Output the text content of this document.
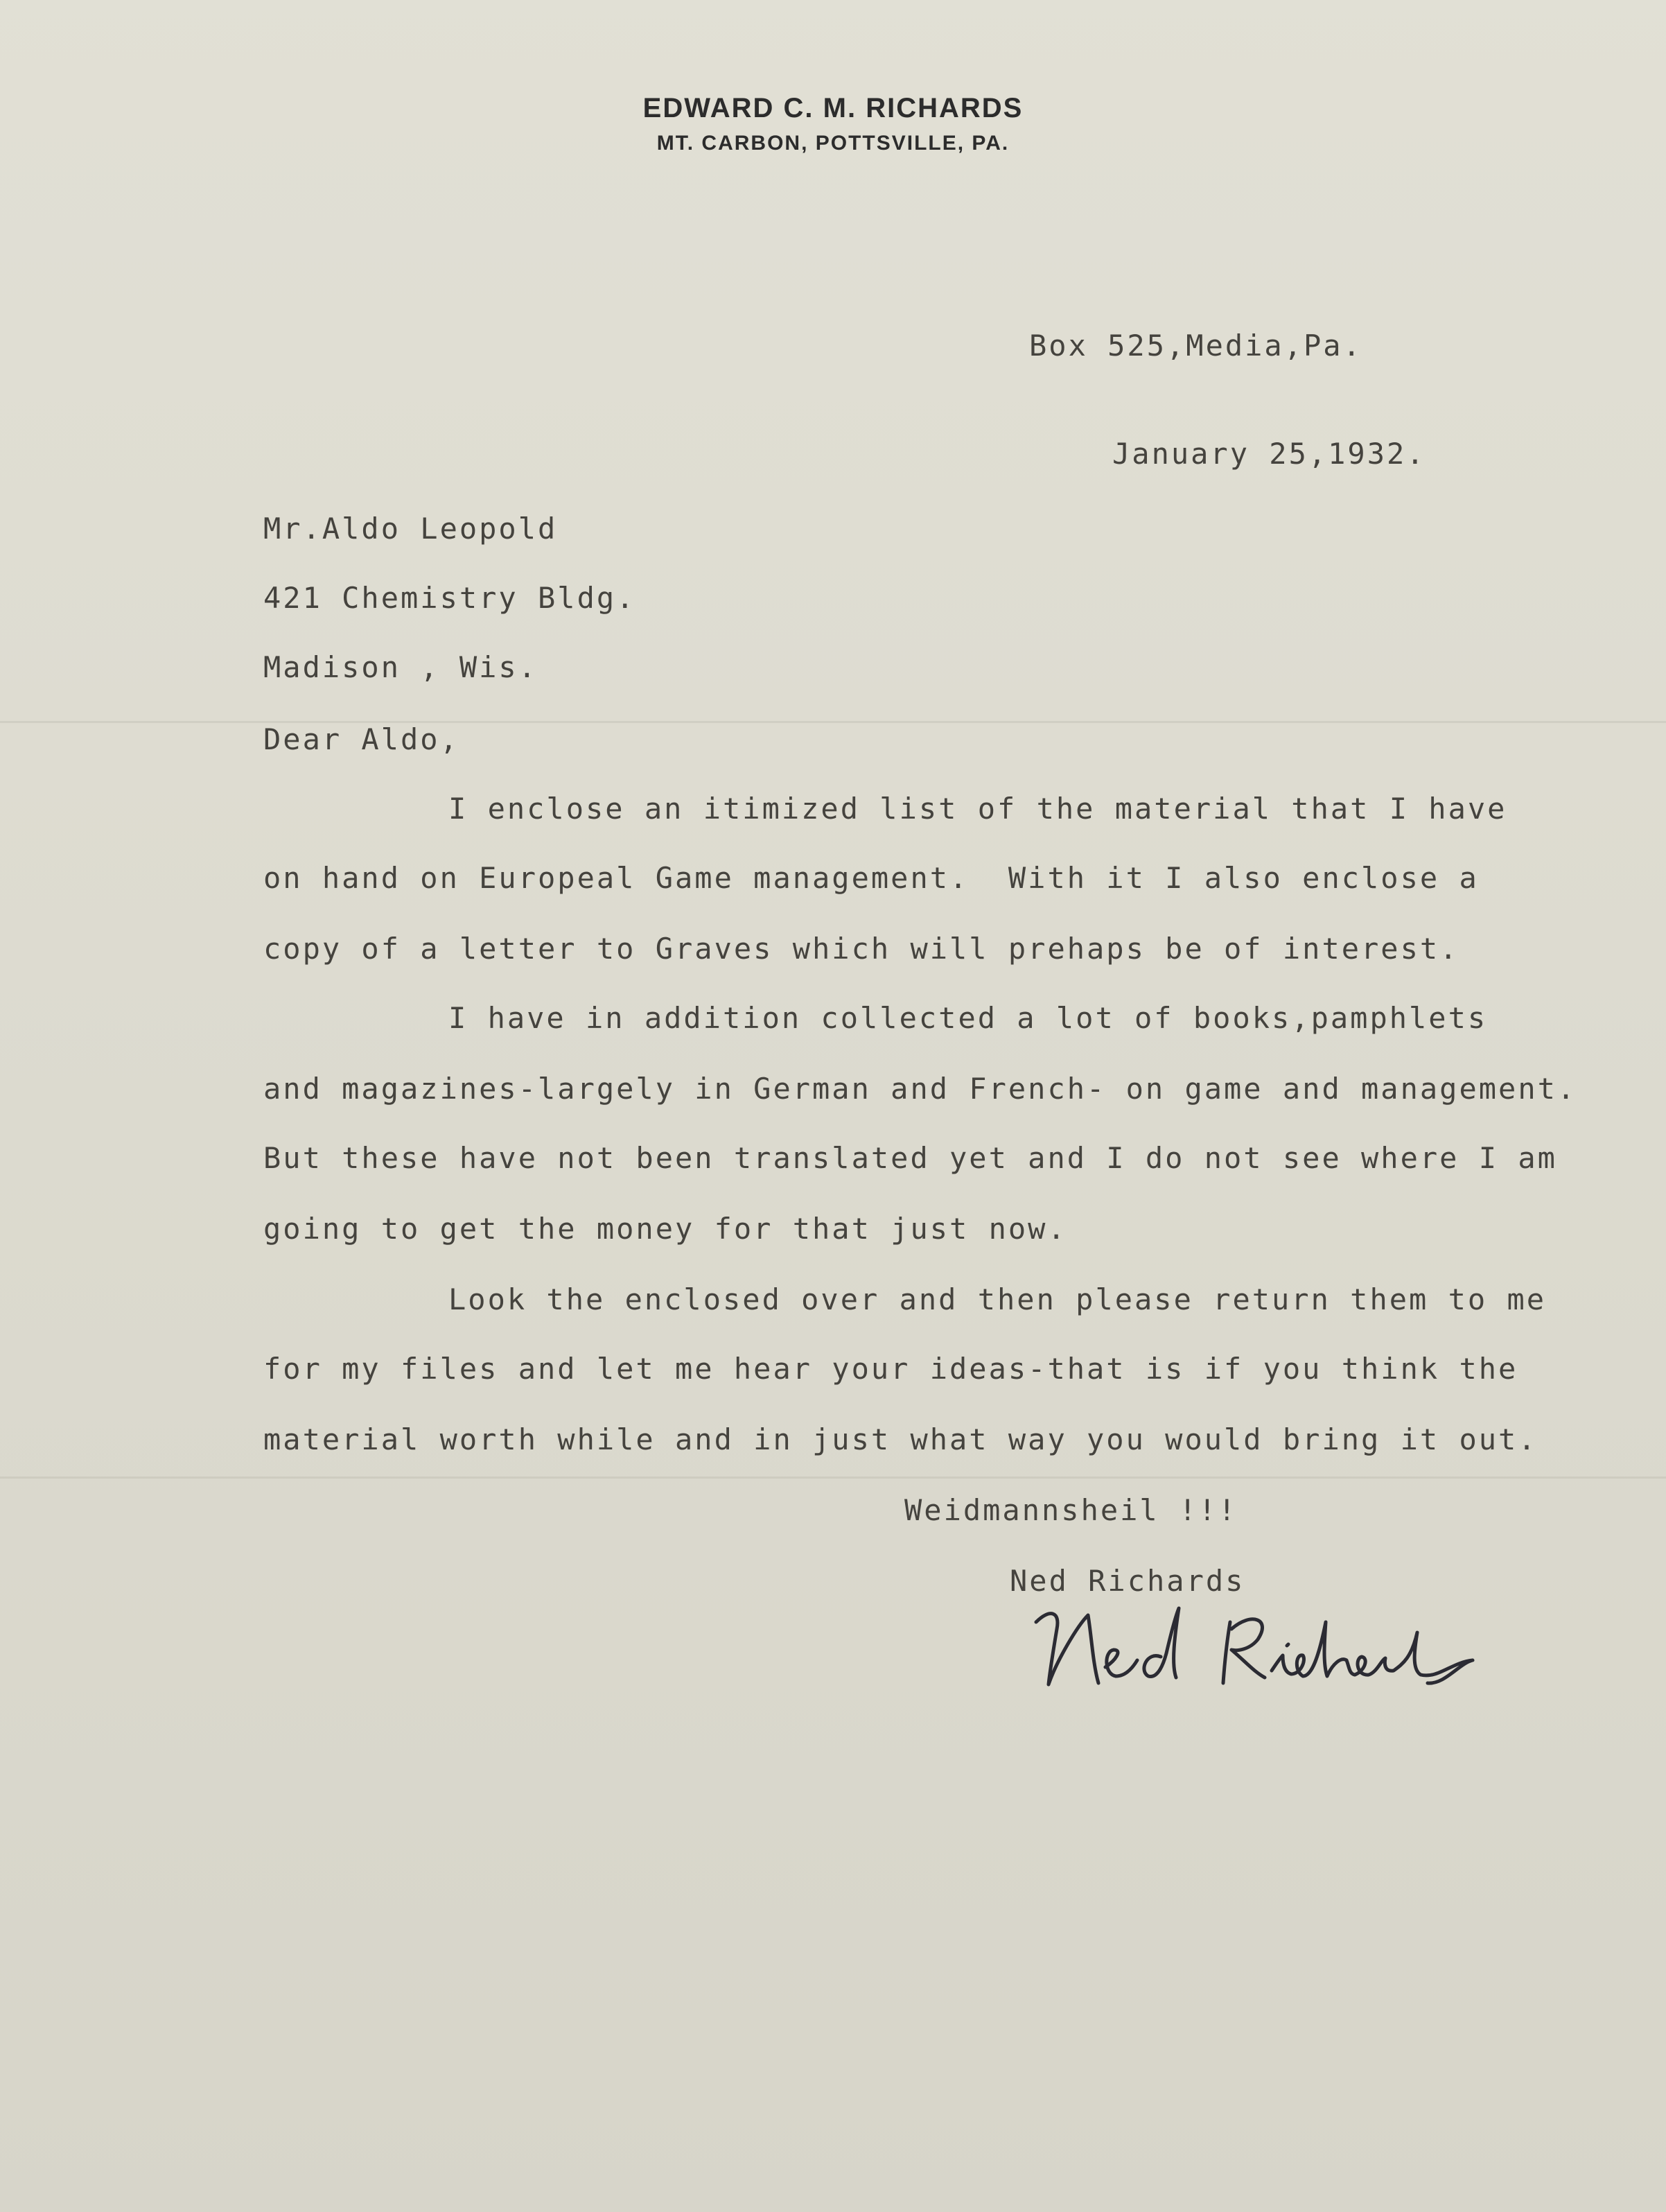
EDWARD C. M. RICHARDS
MT. CARBON, POTTSVILLE, PA.
Box 525,Media,Pa.
January 25,1932.
Mr.Aldo Leopold
421 Chemistry Bldg.
Madison , Wis.
Dear Aldo,
I enclose an itimized list of the material that I have
on hand on Europeal Game management.  With it I also enclose a
copy of a letter to Graves which will prehaps be of interest.
I have in addition collected a lot of books,pamphlets
and magazines-largely in German and French- on game and management.
But these have not been translated yet and I do not see where I am
going to get the money for that just now.
Look the enclosed over and then please return them to me
for my files and let me hear your ideas-that is if you think the
material worth while and in just what way you would bring it out.
Weidmannsheil !!!
Ned Richards
